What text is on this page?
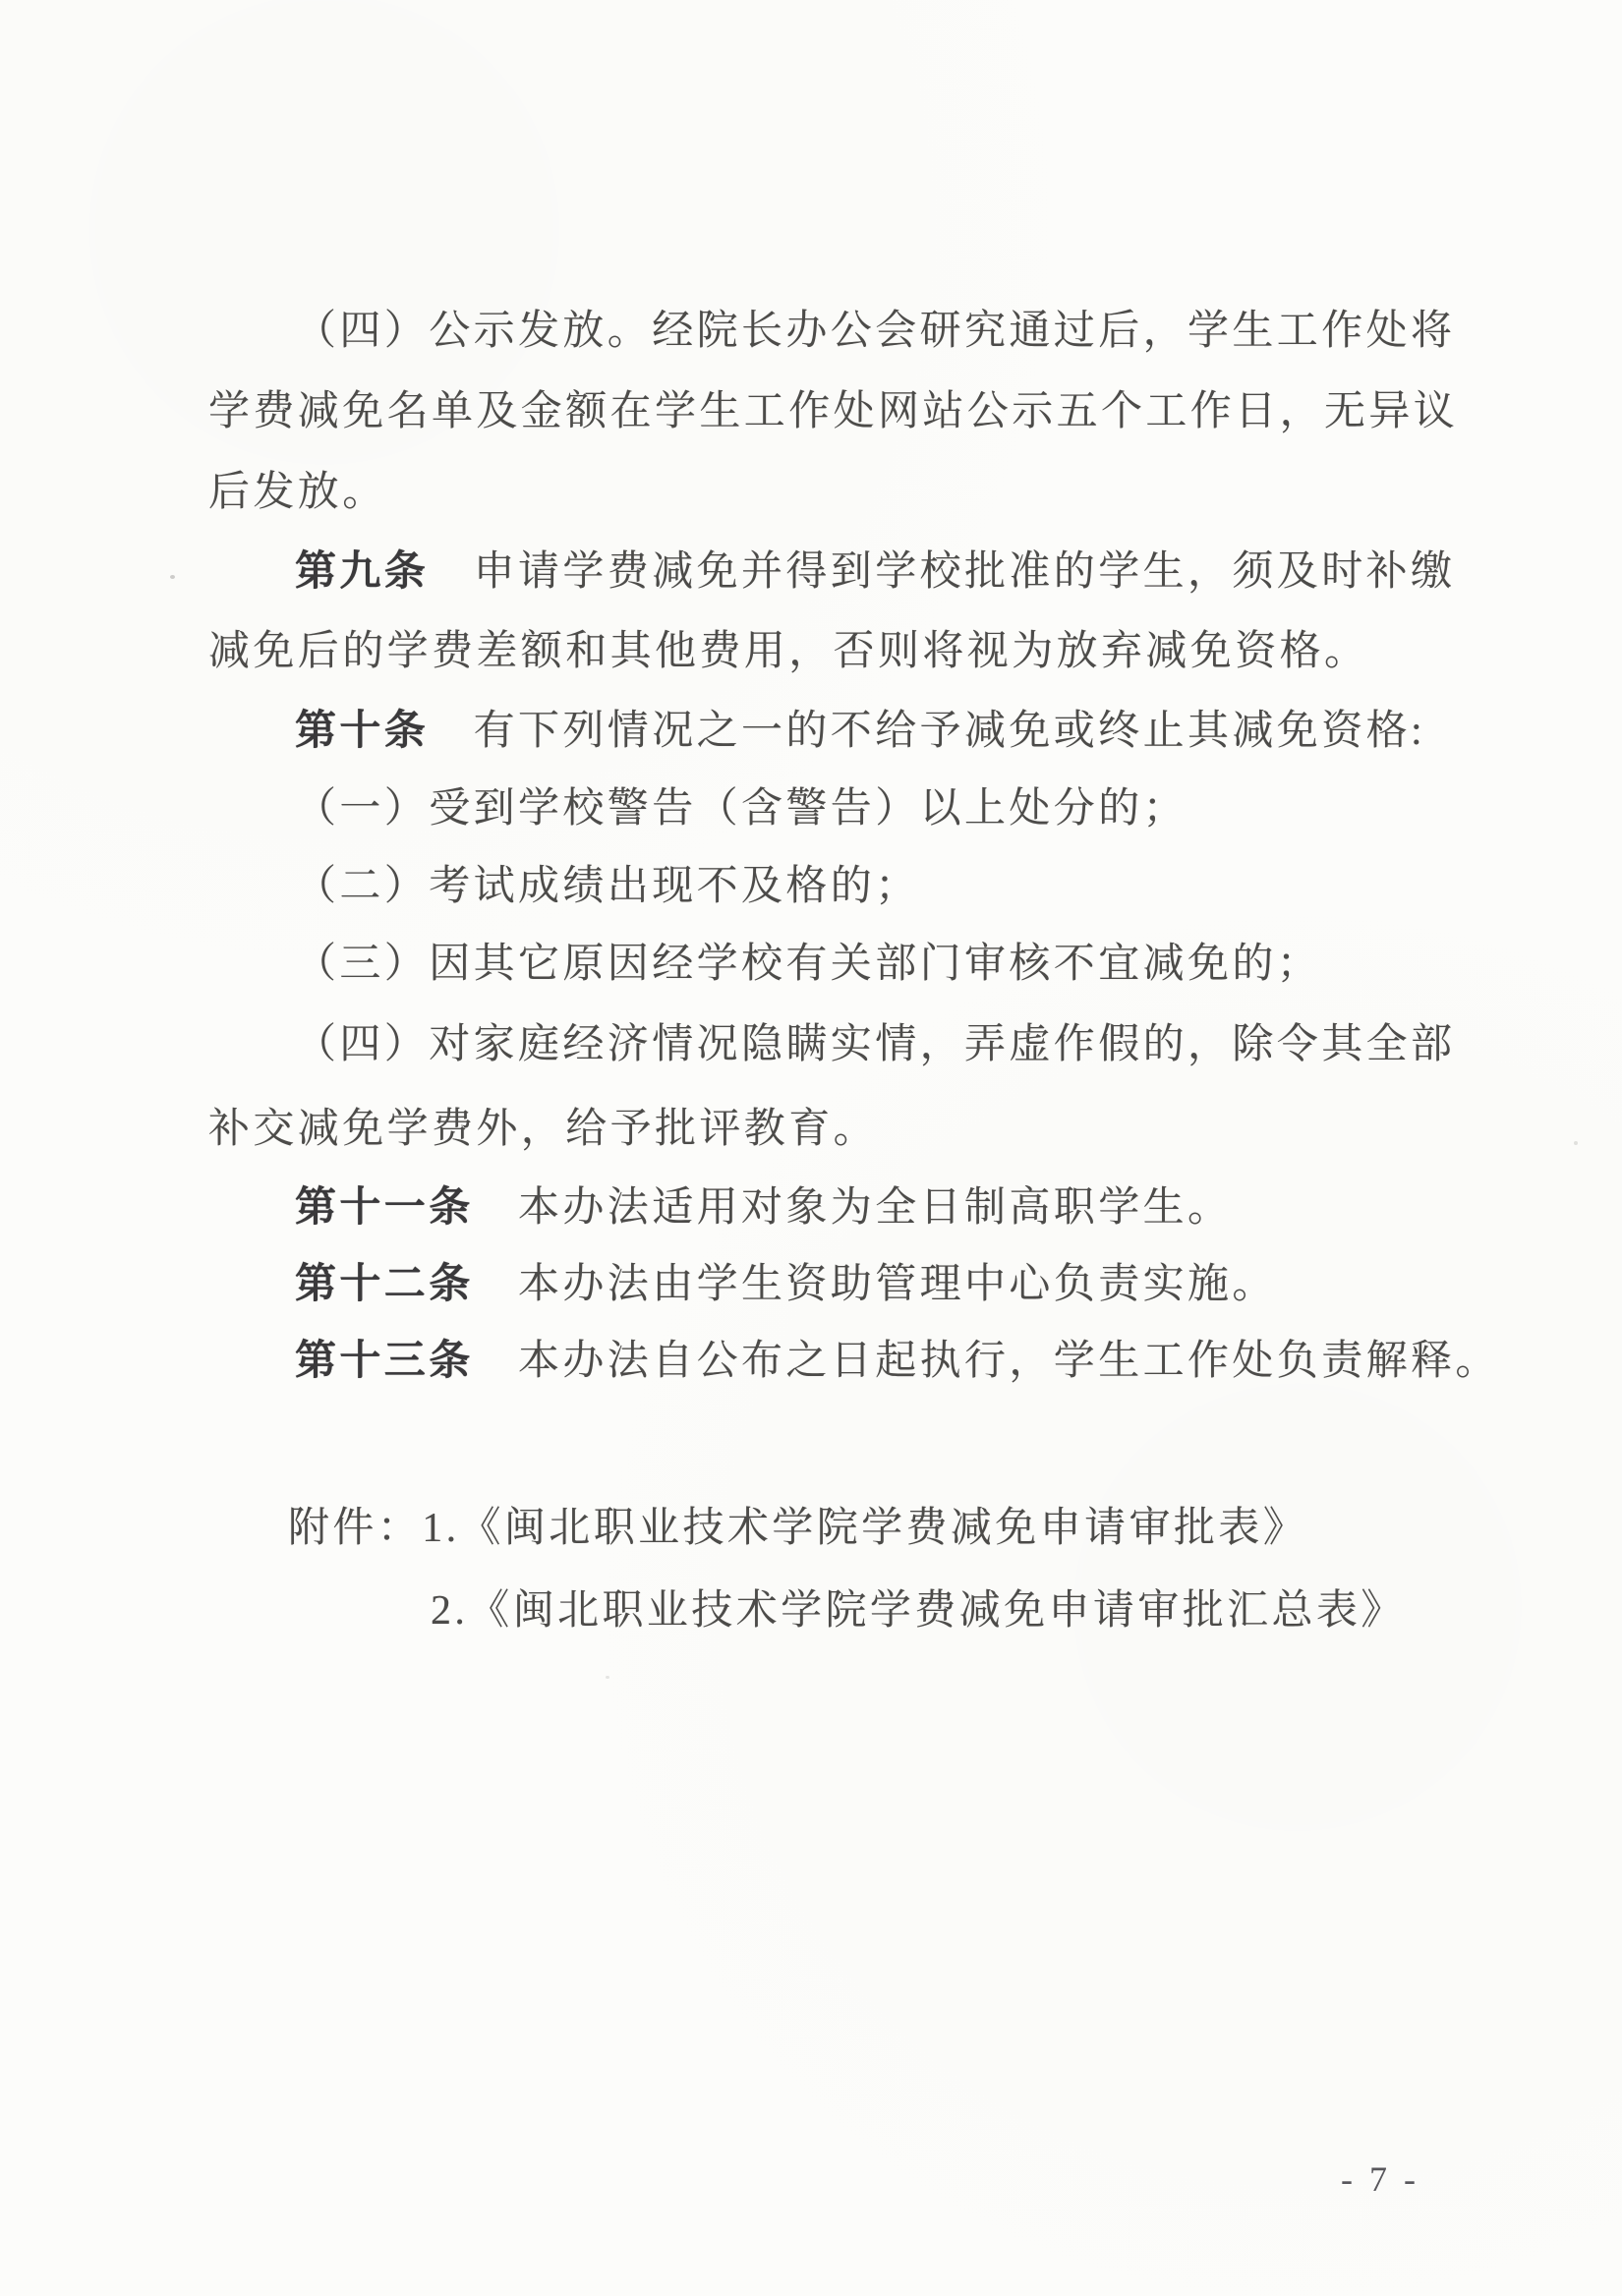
（四）公示发放。经院长办公会研究通过后，学生工作处将
学费减免名单及金额在学生工作处网站公示五个工作日，无异议
后发放。
第九条　申请学费减免并得到学校批准的学生，须及时补缴
减免后的学费差额和其他费用，否则将视为放弃减免资格。
第十条　有下列情况之一的不给予减免或终止其减免资格:
（一）受到学校警告（含警告）以上处分的；
（二）考试成绩出现不及格的；
（三）因其它原因经学校有关部门审核不宜减免的；
（四）对家庭经济情况隐瞒实情，弄虚作假的，除令其全部
补交减免学费外，给予批评教育。
第十一条　本办法适用对象为全日制高职学生。
第十二条　本办法由学生资助管理中心负责实施。
第十三条　本办法自公布之日起执行，学生工作处负责解释。
附件：1.《闽北职业技术学院学费减免申请审批表》
2.《闽北职业技术学院学费减免申请审批汇总表》
- 7 -
